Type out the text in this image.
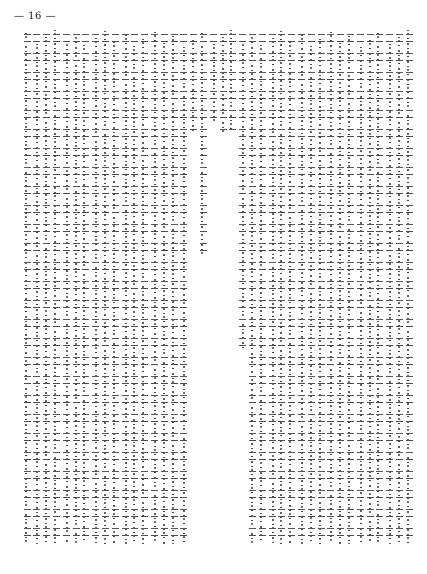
— 16 —
